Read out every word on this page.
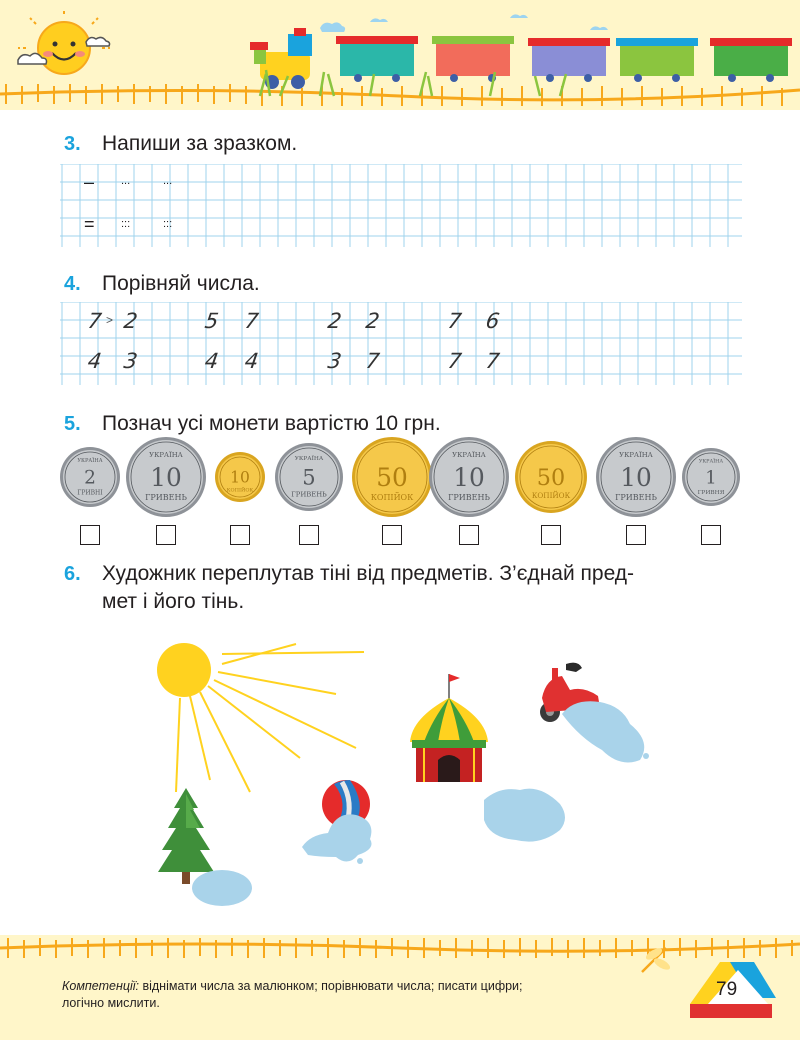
3. Напиши за зразком.
– ...	...
= :::	:::
4. Порівняй числа.
7 > 2	5 7	2 2	7 6
4 3	4 4	3 7	7 7
5. Познач усі монети вартістю 10 грн.
УКРАЇНА
2
ГРИВНІ
УКРАЇНА
10
ГРИВЕНЬ
10
КОПІЙОК
УКРАЇНА
5
ГРИВЕНЬ
50
КОПІЙОК
УКРАЇНА
10
ГРИВЕНЬ
50
КОПІЙОК
УКРАЇНА
10
ГРИВЕНЬ
УКРАЇНА
1
ГРИВНЯ
6. Художник переплутав тіні від предметів. З’єднай пред-
мет і його тінь.
Компетенції: віднімати числа за малюнком; порівнювати числа; писати цифри;
логічно мислити.
79
